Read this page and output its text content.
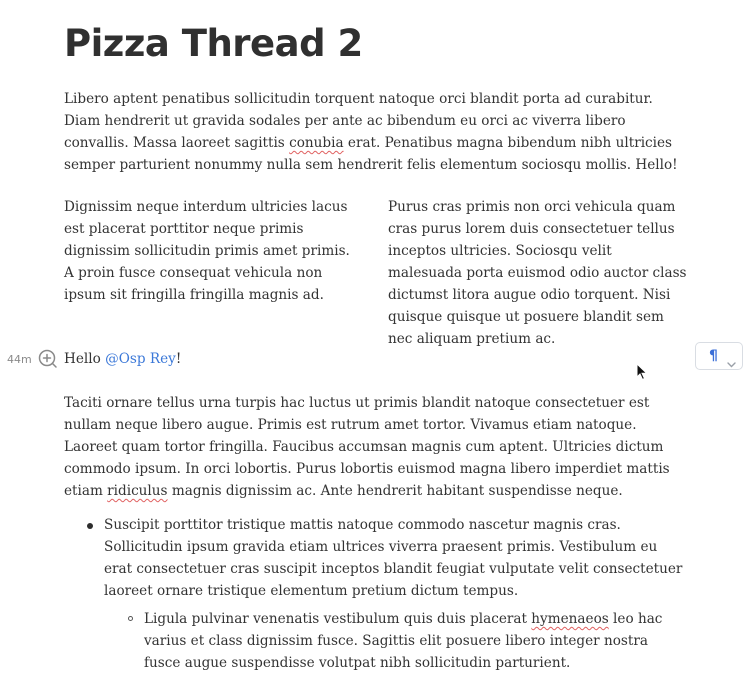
Pizza Thread 2

Libero aptent penatibus sollicitudin torquent natoque orci blandit porta ad curabitur. Diam hendrerit ut gravida sodales per ante ac bibendum eu orci ac viverra libero convallis. Massa laoreet sagittis conubia erat. Penatibus magna bibendum nibh ultricies semper parturient nonummy nulla sem hendrerit felis elementum sociosqu mollis. Hello!

Dignissim neque interdum ultricies lacus est placerat porttitor neque primis dignissim sollicitudin primis amet primis. A proin fusce consequat vehicula non ipsum sit fringilla fringilla magnis ad.

Purus cras primis non orci vehicula quam cras purus lorem duis consectetuer tellus inceptos ultricies. Sociosqu velit malesuada porta euismod odio auctor class dictumst litora augue odio torquent. Nisi quisque quisque ut posuere blandit sem nec aliquam pretium ac.

44m Hello @Osp Rey!	¶

Taciti ornare tellus urna turpis hac luctus ut primis blandit natoque consectetuer est nullam neque libero augue. Primis est rutrum amet tortor. Vivamus etiam natoque. Laoreet quam tortor fringilla. Faucibus accumsan magnis cum aptent. Ultricies dictum commodo ipsum. In orci lobortis. Purus lobortis euismod magna libero imperdiet mattis etiam ridiculus magnis dignissim ac. Ante hendrerit habitant suspendisse neque.

Suscipit porttitor tristique mattis natoque commodo nascetur magnis cras. Sollicitudin ipsum gravida etiam ultrices viverra praesent primis. Vestibulum eu erat consectetuer cras suscipit inceptos blandit feugiat vulputate velit consectetuer laoreet ornare tristique elementum pretium dictum tempus.
Ligula pulvinar venenatis vestibulum quis duis placerat hymenaeos leo hac varius et class dignissim fusce. Sagittis elit posuere libero integer nostra fusce augue suspendisse volutpat nibh sollicitudin parturient.
